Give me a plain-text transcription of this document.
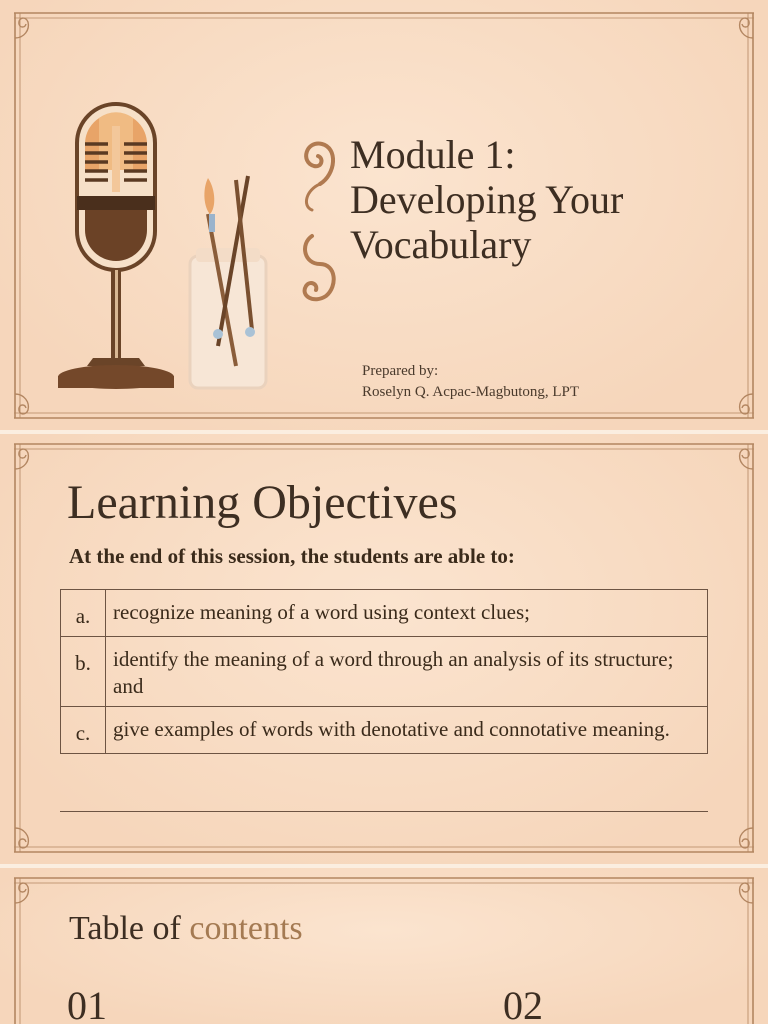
Module 1:
Developing Your
Vocabulary
Prepared by:
Roselyn Q. Acpac-Magbutong, LPT
Learning Objectives
At the end of this session, the students are able to:
a.	recognize meaning of a word using context clues;
b.	identify the meaning of a word through an analysis of its structure; and
c.	give examples of words with denotative and connotative meaning.
Table of contents
01	02
